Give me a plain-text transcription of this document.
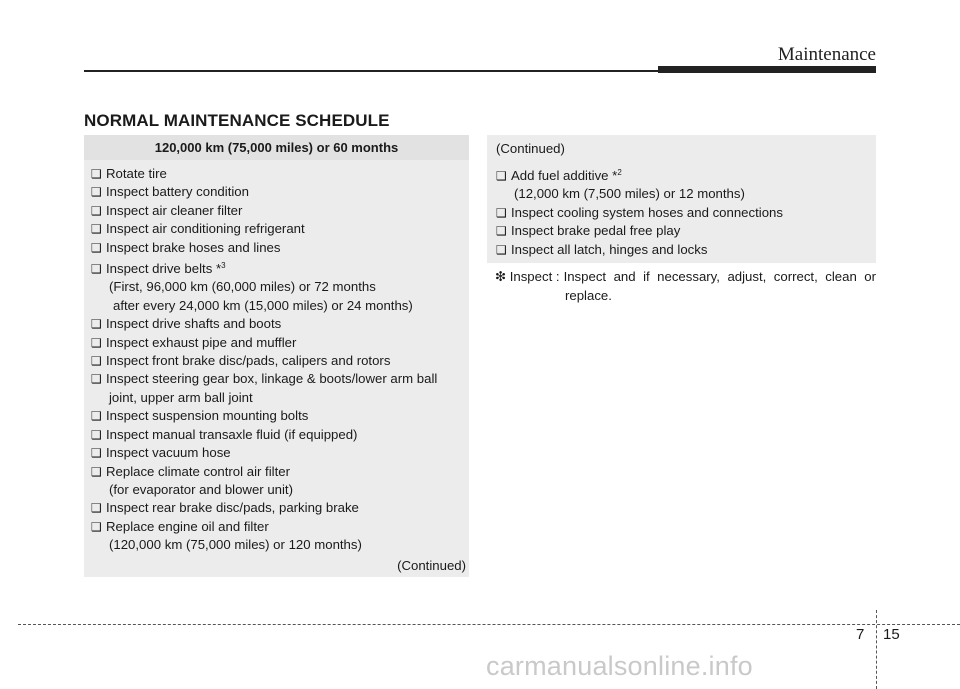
Maintenance
NORMAL MAINTENANCE SCHEDULE
120,000 km (75,000 miles) or 60 months
❑ Rotate tire
❑ Inspect battery condition
❑ Inspect air cleaner filter
❑ Inspect air conditioning refrigerant
❑ Inspect brake hoses and lines
❑ Inspect drive belts *$^3$
(First, 96,000 km (60,000 miles) or 72 months
after every 24,000 km (15,000 miles) or 24 months)
❑ Inspect drive shafts and boots
❑ Inspect exhaust pipe and muffler
❑ Inspect front brake disc/pads, calipers and rotors
❑ Inspect steering gear box, linkage & boots/lower arm ball
joint, upper arm ball joint
❑ Inspect suspension mounting bolts
❑ Inspect manual transaxle fluid (if equipped)
❑ Inspect vacuum hose
❑ Replace climate control air filter
(for evaporator and blower unit)
❑ Inspect rear brake disc/pads, parking brake
❑ Replace engine oil and filter
(120,000 km (75,000 miles) or 120 months)
(Continued)
(Continued)
❑ Add fuel additive *$^2$
(12,000 km (7,500 miles) or 12 months)
❑ Inspect cooling system hoses and connections
❑ Inspect brake pedal free play
❑ Inspect all latch, hinges and locks
❇ Inspect : Inspect and if necessary, adjust, correct, clean or
replace.
7 15
carmanualsonline.info
